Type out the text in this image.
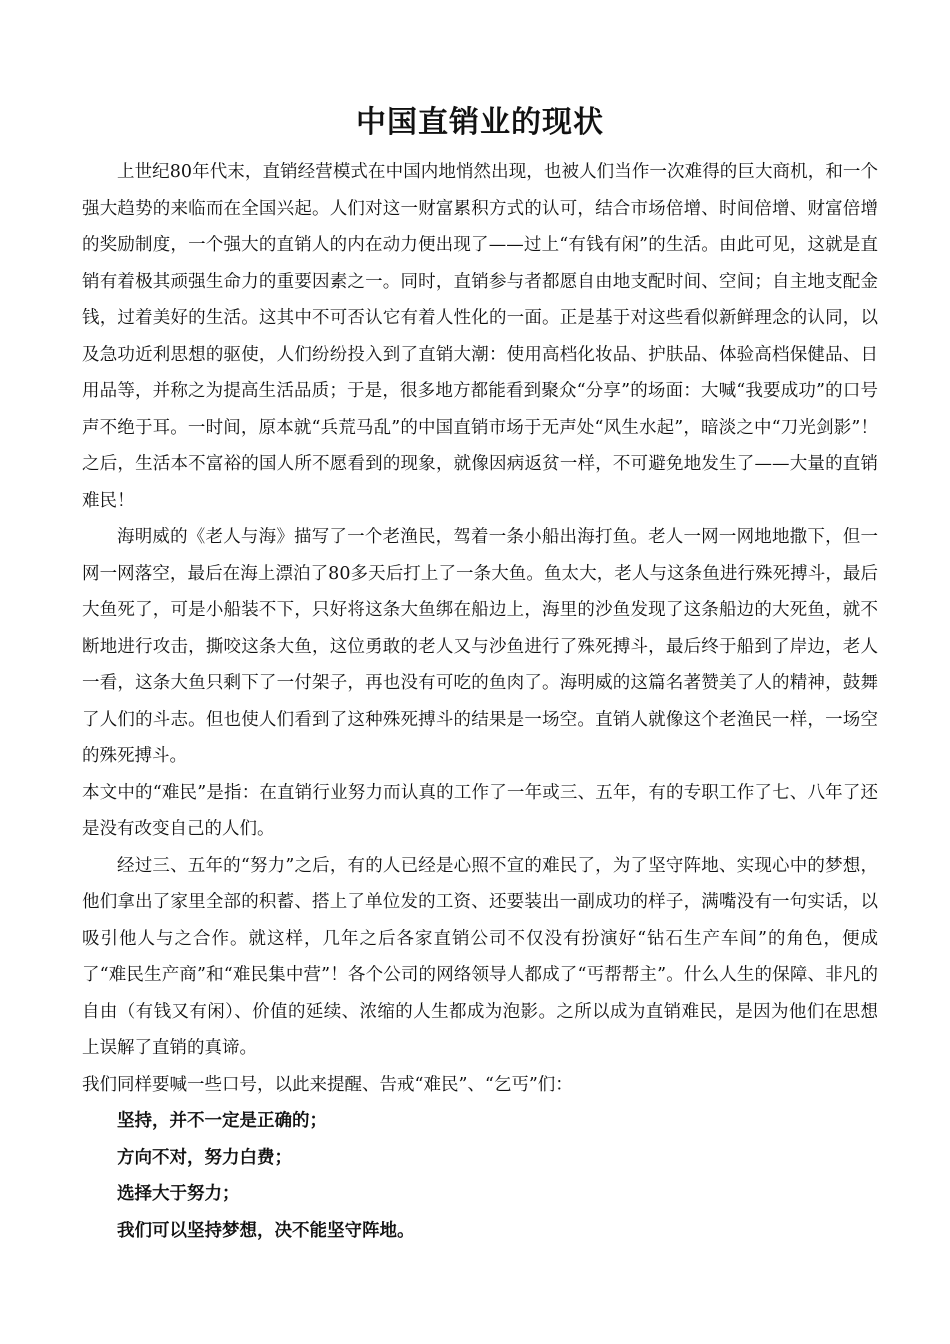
中国直销业的现状

上世纪80年代末，直销经营模式在中国内地悄然出现，也被人们当作一次难得的巨大商机，和一个强大趋势的来临而在全国兴起。人们对这一财富累积方式的认可，结合市场倍增、时间倍增、财富倍增的奖励制度，一个强大的直销人的内在动力便出现了——过上“有钱有闲”的生活。由此可见，这就是直销有着极其顽强生命力的重要因素之一。同时，直销参与者都愿自由地支配时间、空间；自主地支配金钱，过着美好的生活。这其中不可否认它有着人性化的一面。正是基于对这些看似新鲜理念的认同，以及急功近利思想的驱使，人们纷纷投入到了直销大潮：使用高档化妆品、护肤品、体验高档保健品、日用品等，并称之为提高生活品质；于是，很多地方都能看到聚众“分享”的场面：大喊“我要成功”的口号声不绝于耳。一时间，原本就“兵荒马乱”的中国直销市场于无声处“风生水起”，暗淡之中“刀光剑影”！之后，生活本不富裕的国人所不愿看到的现象，就像因病返贫一样，不可避免地发生了——大量的直销难民！

海明威的《老人与海》描写了一个老渔民，驾着一条小船出海打鱼。老人一网一网地地撒下，但一网一网落空，最后在海上漂泊了80多天后打上了一条大鱼。鱼太大，老人与这条鱼进行殊死搏斗，最后大鱼死了，可是小船装不下，只好将这条大鱼绑在船边上，海里的沙鱼发现了这条船边的大死鱼，就不断地进行攻击，撕咬这条大鱼，这位勇敢的老人又与沙鱼进行了殊死搏斗，最后终于船到了岸边，老人一看，这条大鱼只剩下了一付架子，再也没有可吃的鱼肉了。海明威的这篇名著赞美了人的精神，鼓舞了人们的斗志。但也使人们看到了这种殊死搏斗的结果是一场空。直销人就像这个老渔民一样，一场空的殊死搏斗。

本文中的“难民”是指：在直销行业努力而认真的工作了一年或三、五年，有的专职工作了七、八年了还是没有改变自己的人们。

经过三、五年的“努力”之后，有的人已经是心照不宣的难民了，为了坚守阵地、实现心中的梦想，他们拿出了家里全部的积蓄、搭上了单位发的工资、还要装出一副成功的样子，满嘴没有一句实话，以吸引他人与之合作。就这样，几年之后各家直销公司不仅没有扮演好“钻石生产车间”的角色，便成了“难民生产商”和“难民集中营”！各个公司的网络领导人都成了“丐帮帮主”。什么人生的保障、非凡的自由（有钱又有闲）、价值的延续、浓缩的人生都成为泡影。之所以成为直销难民，是因为他们在思想上误解了直销的真谛。

我们同样要喊一些口号，以此来提醒、告戒“难民”、“乞丐”们：

坚持，并不一定是正确的；

方向不对，努力白费；

选择大于努力；

我们可以坚持梦想，决不能坚守阵地。
